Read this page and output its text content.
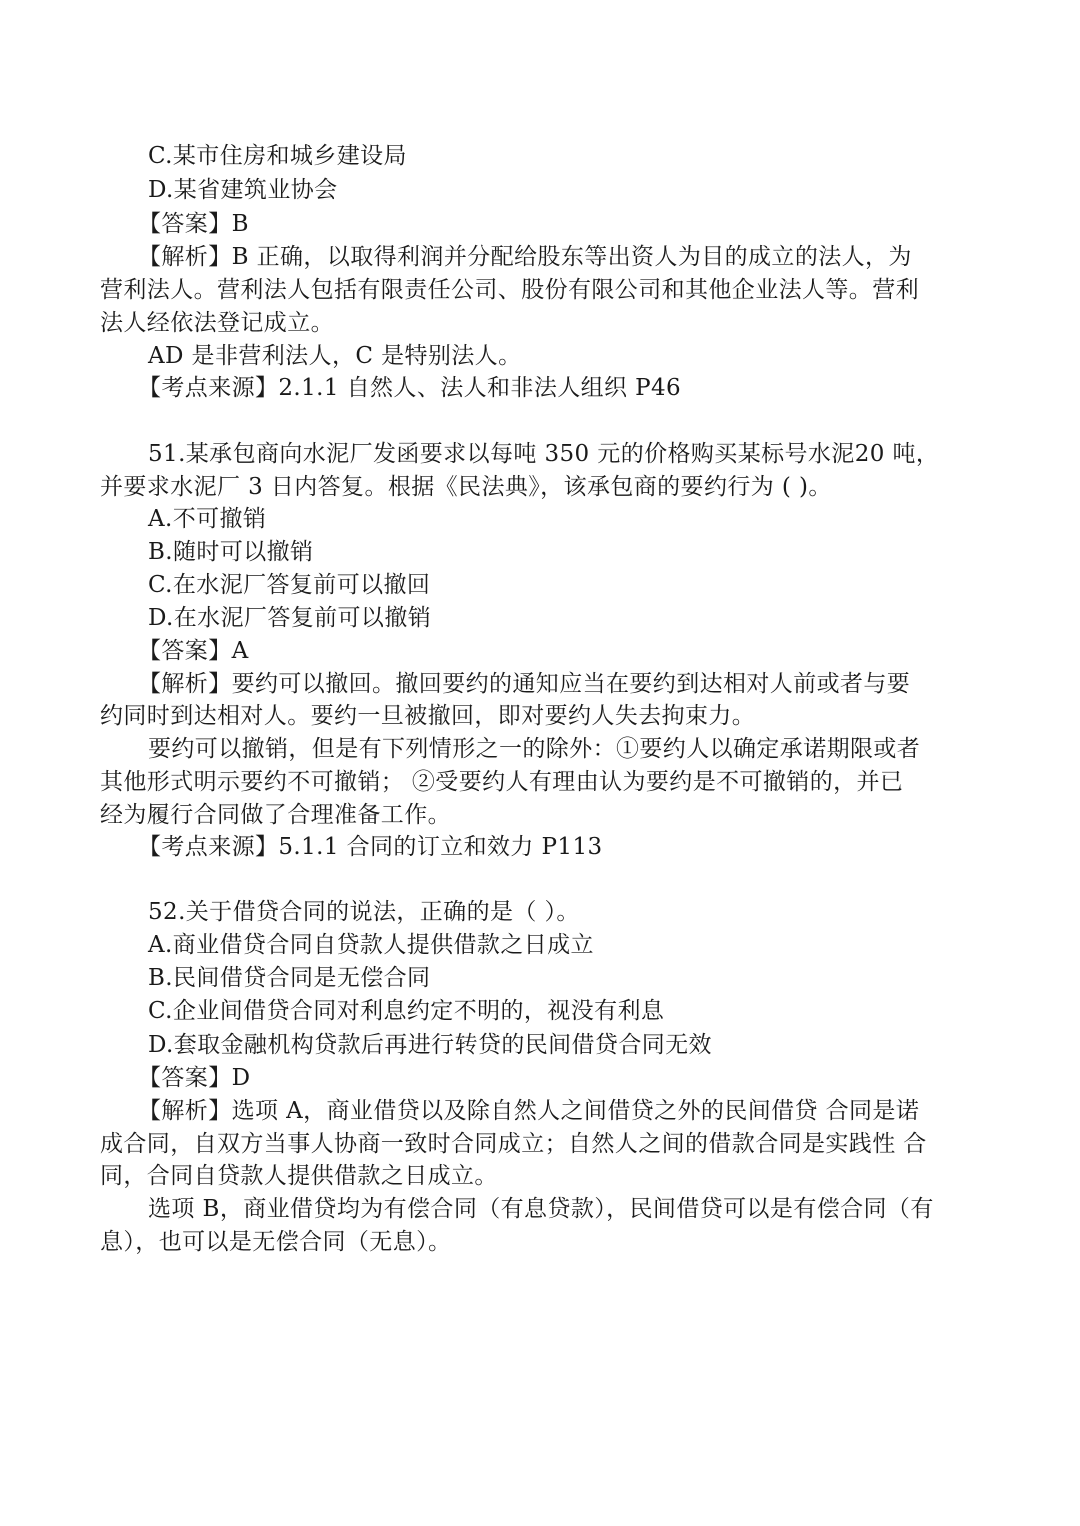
C.某市住房和城乡建设局
D.某省建筑业协会
【答案】B
【解析】B 正确，以取得利润并分配给股东等出资人为目的成立的法人，为
营利法人。营利法人包括有限责任公司、股份有限公司和其他企业法人等。营利
法人经依法登记成立。
AD 是非营利法人，C 是特别法人。
【考点来源】2.1.1 自然人、法人和非法人组织 P46
51.某承包商向水泥厂发函要求以每吨 350 元的价格购买某标号水泥20 吨，
并要求水泥厂 3 日内答复。根据《民法典》，该承包商的要约行为 ( )。
A.不可撤销
B.随时可以撤销
C.在水泥厂答复前可以撤回
D.在水泥厂答复前可以撤销
【答案】A
【解析】要约可以撤回。撤回要约的通知应当在要约到达相对人前或者与要
约同时到达相对人。要约一旦被撤回，即对要约人失去拘束力。
要约可以撤销，但是有下列情形之一的除外：①要约人以确定承诺期限或者
其他形式明示要约不可撤销； ②受要约人有理由认为要约是不可撤销的，并已
经为履行合同做了合理准备工作。
【考点来源】5.1.1 合同的订立和效力 P113
52.关于借贷合同的说法，正确的是（ ）。
A.商业借贷合同自贷款人提供借款之日成立
B.民间借贷合同是无偿合同
C.企业间借贷合同对利息约定不明的，视没有利息
D.套取金融机构贷款后再进行转贷的民间借贷合同无效
【答案】D
【解析】选项 A，商业借贷以及除自然人之间借贷之外的民间借贷 合同是诺
成合同，自双方当事人协商一致时合同成立；自然人之间的借款合同是实践性 合
同，合同自贷款人提供借款之日成立。
选项 B，商业借贷均为有偿合同（有息贷款），民间借贷可以是有偿合同（有
息），也可以是无偿合同（无息）。
